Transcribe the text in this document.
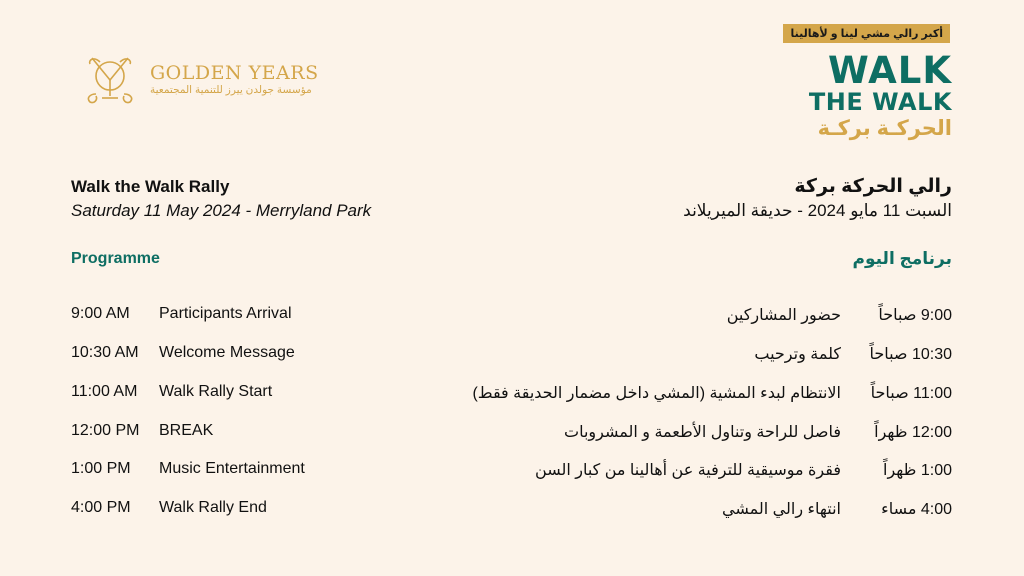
GOLDEN YEARS
مؤسسة جولدن ييرز للتنمية المجتمعية
أكبر رالي مشي لينا و لأهالينا
WALK
THE WALK
الحركـة بركـة
Walk the Walk Rally
Saturday 11 May 2024 - Merryland Park
رالي الحركة بركة
السبت 11 مايو 2024 - حديقة الميريلاند
Programme	برنامج اليوم
9:00 AM Participants Arrival	حضور المشاركين 9:00 صباحاً
10:30 AM Welcome Message	كلمة وترحيب 10:30 صباحاً
11:00 AM Walk Rally Start	الانتظام لبدء المشية (المشي داخل مضمار الحديقة فقط) 11:00 صباحاً
12:00 PM BREAK	فاصل للراحة وتناول الأطعمة و المشروبات 12:00 ظهراً
1:00 PM Music Entertainment	فقرة موسيقية للترفية عن أهالينا من كبار السن	1:00 ظهراً
4:00 PM Walk Rally End	انتهاء رالي المشي	4:00 مساء
